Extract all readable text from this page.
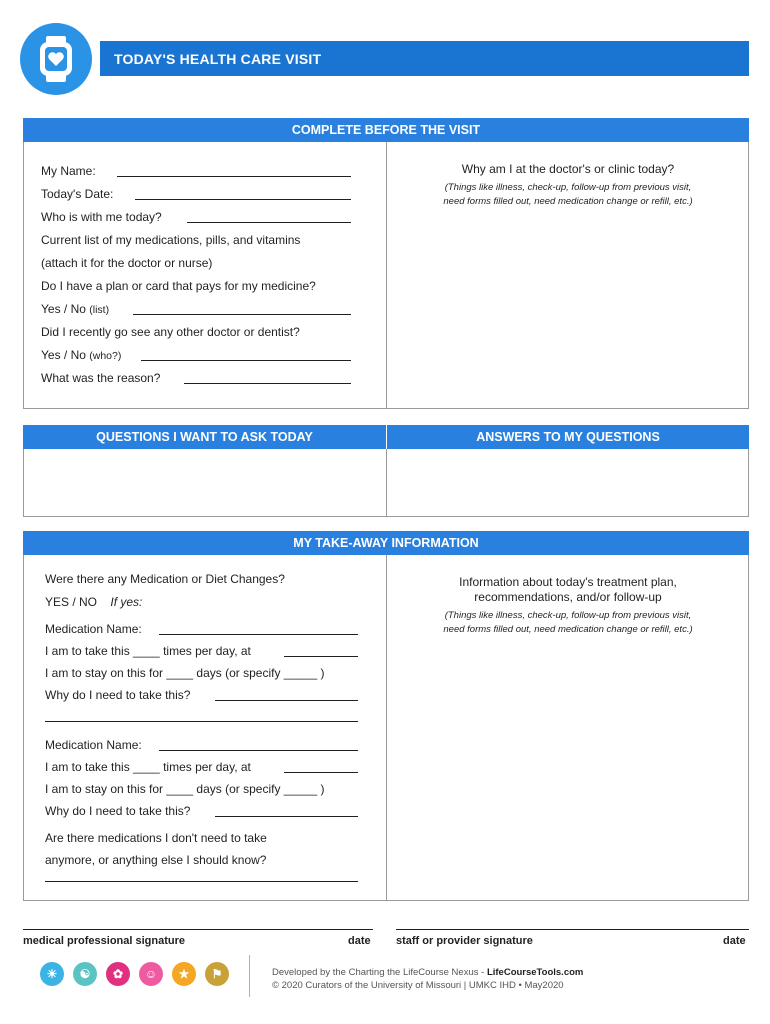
TODAY'S HEALTH CARE VISIT
COMPLETE BEFORE THE VISIT
My Name:
Today's Date:
Who is with me today?
Current list of my medications, pills, and vitamins
(attach it for the doctor or nurse)
Do I have a plan or card that pays for my medicine?
Yes / No (list)
Did I recently go see any other doctor or dentist?
Yes / No (who?)
What was the reason?
Why am I at the doctor's or clinic today?
(Things like illness, check-up, follow-up from previous visit,
need forms filled out, need medication change or refill, etc.)
QUESTIONS I WANT TO ASK TODAY	ANSWERS TO MY QUESTIONS
MY TAKE-AWAY INFORMATION
Were there any Medication or Diet Changes?
YES / NO If yes:
Medication Name:
I am to take this ____ times per day, at
I am to stay on this for ____ days (or specify _____ )
Why do I need to take this?
Medication Name:
I am to take this ____ times per day, at
I am to stay on this for ____ days (or specify _____ )
Why do I need to take this?
Are there medications I don't need to take
anymore, or anything else I should know?
Information about today's treatment plan,
recommendations, and/or follow-up
(Things like illness, check-up, follow-up from previous visit,
need forms filled out, need medication change or refill, etc.)
medical professional signature	date staff or provider signature	date
☀	☯	✿	☺	★	⚑	Developed by the Charting the LifeCourse Nexus - LifeCourseTools.com
© 2020 Curators of the University of Missouri | UMKC IHD • May2020
